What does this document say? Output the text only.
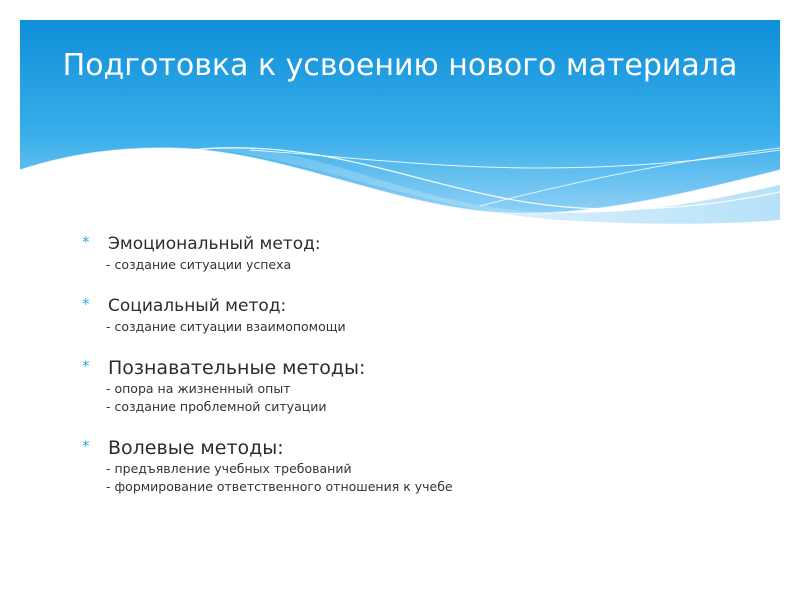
Подготовка к усвоению нового материала
* Эмоциональный метод:
- создание ситуации успеха
* Социальный метод:
- создание ситуации взаимопомощи
* Познавательные методы:
- опора на жизненный опыт
- создание проблемной ситуации
* Волевые методы:
- предъявление учебных требований
- формирование ответственного отношения к учебе
